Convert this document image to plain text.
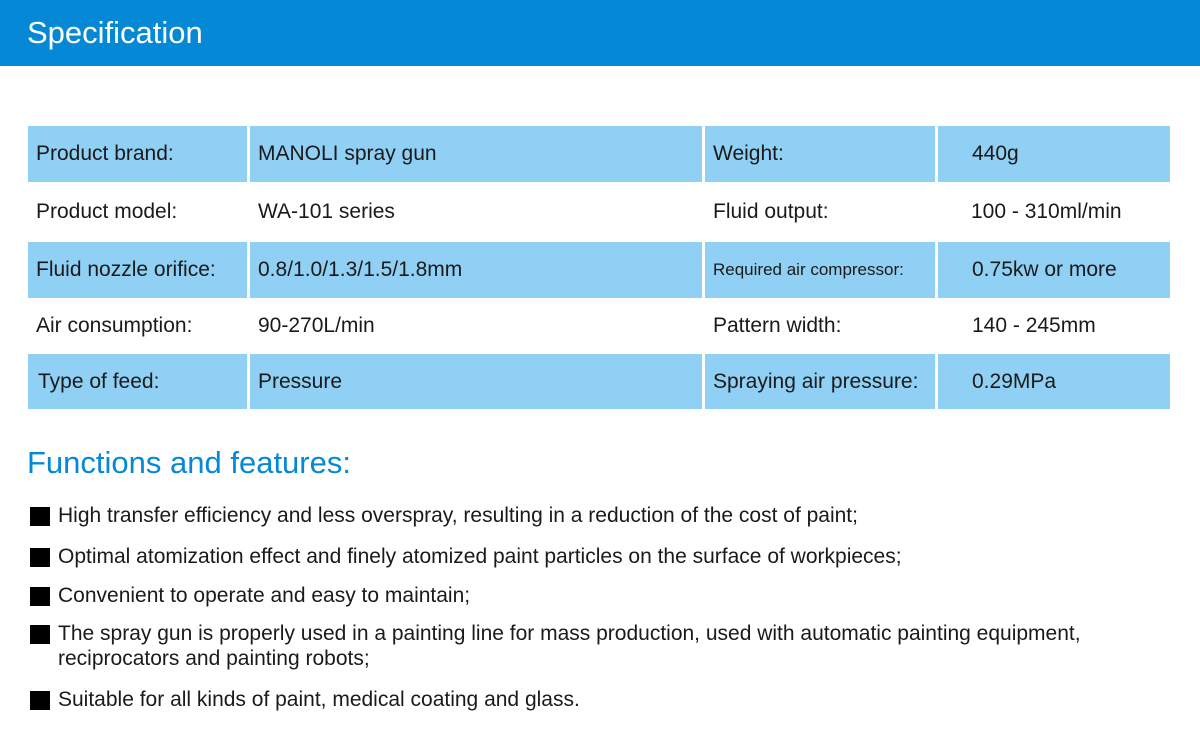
Specification
Product brand:	MANOLI spray gun	Weight:	440g
Product model:	WA-101 series	Fluid output:	100 - 310ml/min
Fluid nozzle orifice:	0.8/1.0/1.3/1.5/1.8mm	Required air compressor:	0.75kw or more
Air consumption:	90-270L/min	Pattern width:	140 - 245mm
Type of feed:	Pressure	Spraying air pressure:	0.29MPa
Functions and features:
High transfer efficiency and less overspray, resulting in a reduction of the cost of paint;
Optimal atomization effect and finely atomized paint particles on the surface of workpieces;
Convenient to operate and easy to maintain;
The spray gun is properly used in a painting line for mass production, used with automatic painting equipment, reciprocators and painting robots;
Suitable for all kinds of paint, medical coating and glass.
